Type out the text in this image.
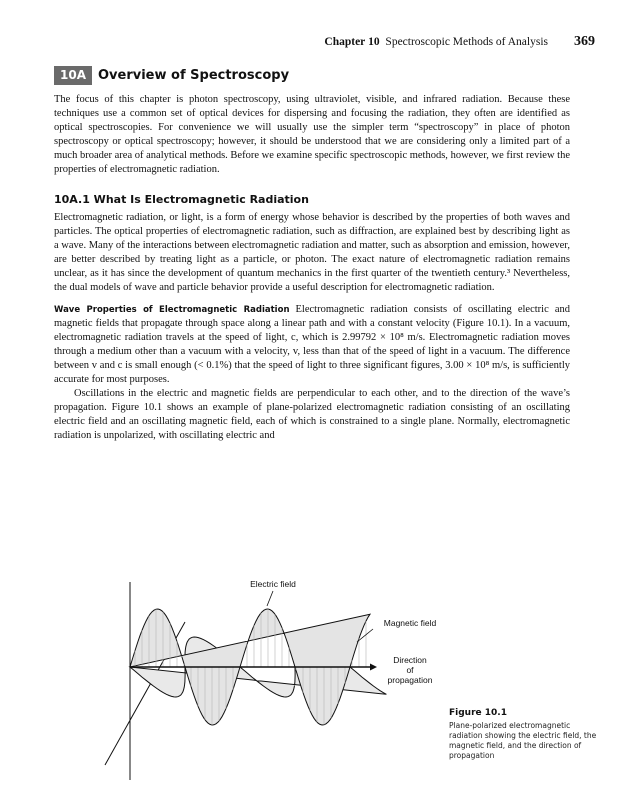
Chapter 10 Spectroscopic Methods of Analysis 369
10A Overview of Spectroscopy

The focus of this chapter is photon spectroscopy, using ultraviolet, visible, and infrared radiation. Because these techniques use a common set of optical devices for dispersing and focusing the radiation, they often are identified as optical spectroscopies. For convenience we will usually use the simpler term “spectroscopy” in place of photon spectroscopy or optical spectroscopy; however, it should be understood that we are considering only a limited part of a much broader area of analytical methods. Before we examine specific spectroscopic methods, however, we first review the properties of electromagnetic radiation.

10A.1 What Is Electromagnetic Radiation

Electromagnetic radiation, or light, is a form of energy whose behavior is described by the properties of both waves and particles. The optical properties of electromagnetic radiation, such as diffraction, are explained best by describing light as a wave. Many of the interactions between electromagnetic radiation and matter, such as absorption and emission, however, are better described by treating light as a particle, or photon. The exact nature of electromagnetic radiation remains unclear, as it has since the development of quantum mechanics in the first quarter of the twentieth century.³ Nevertheless, the dual models of wave and particle behavior provide a useful description for electromagnetic radiation.

Wave Properties of Electromagnetic Radiation Electromagnetic radiation consists of oscillating electric and magnetic fields that propagate through space along a linear path and with a constant velocity (Figure 10.1). In a vacuum, electromagnetic radiation travels at the speed of light, c, which is 2.99792 × 10⁸ m/s. Electromagnetic radiation moves through a medium other than a vacuum with a velocity, v, less than that of the speed of light in a vacuum. The difference between v and c is small enough (< 0.1%) that the speed of light to three significant figures, 3.00 × 10⁸ m/s, is sufficiently accurate for most purposes.

Oscillations in the electric and magnetic fields are perpendicular to each other, and to the direction of the wave’s propagation. Figure 10.1 shows an example of plane-polarized electromagnetic radiation consisting of an oscillating electric field and an oscillating magnetic field, each of which is constrained to a single plane. Normally, electromagnetic radiation is unpolarized, with oscillating electric and

Electric field
Magnetic field
Direction
of
propagation
Figure 10.1
Plane-polarized electromagnetic radiation showing the electric field, the magnetic field, and the direction of propagation
